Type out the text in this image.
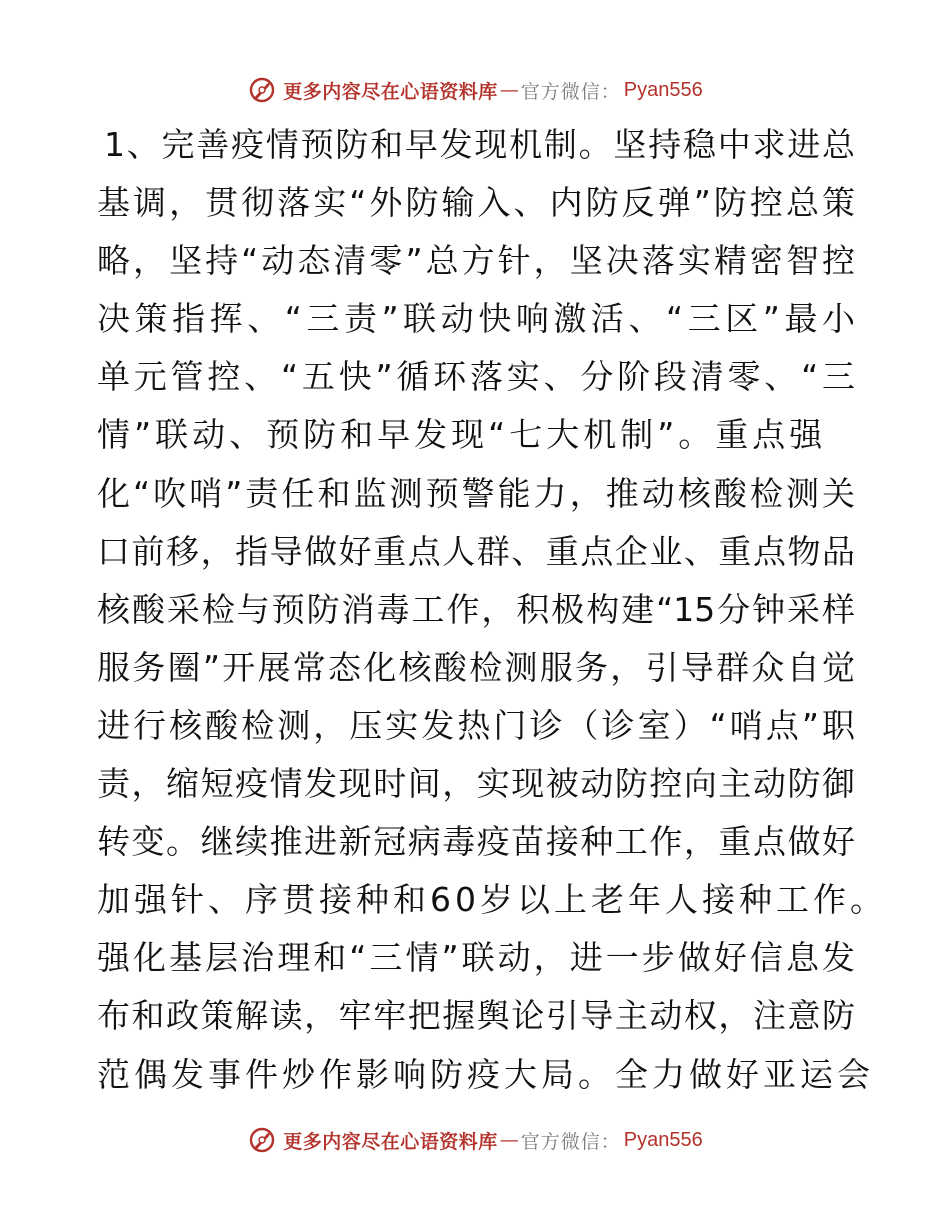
更多内容尽在心语资料库 — 官方微信： Pyan556
1、完善疫情预防和早发现机制。坚持稳中求进总
基调，贯彻落实“外防输入、内防反弹”防控总策
略，坚持“动态清零”总方针，坚决落实精密智控
决策指挥、“三责”联动快响激活、“三区”最小
单元管控、“五快”循环落实、分阶段清零、“三
情”联动、预防和早发现“七大机制”。重点强
化“吹哨”责任和监测预警能力，推动核酸检测关
口前移，指导做好重点人群、重点企业、重点物品
核酸采检与预防消毒工作，积极构建“15分钟采样
服务圈”开展常态化核酸检测服务，引导群众自觉
进行核酸检测，压实发热门诊（诊室）“哨点”职
责，缩短疫情发现时间，实现被动防控向主动防御
转变。继续推进新冠病毒疫苗接种工作，重点做好
加强针、序贯接种和60岁以上老年人接种工作。
强化基层治理和“三情”联动，进一步做好信息发
布和政策解读，牢牢把握舆论引导主动权，注意防
范偶发事件炒作影响防疫大局。全力做好亚运会
更多内容尽在心语资料库 — 官方微信： Pyan556
